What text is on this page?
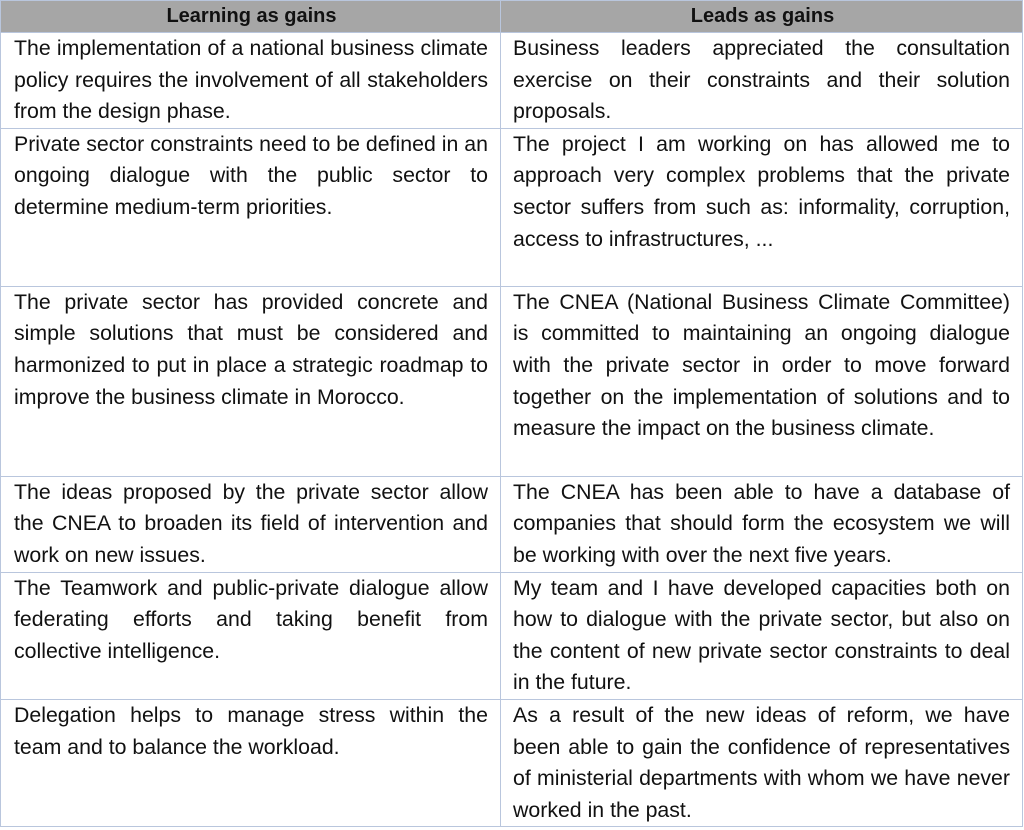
Learning as gains	Leads as gains
The implementation of a national business climate policy requires the involvement of all stakeholders from the design phase.	Business leaders appreciated the consultation exercise on their constraints and their solution proposals.
Private sector constraints need to be defined in an ongoing dialogue with the public sector to determine medium-term priorities.	The project I am working on has allowed me to approach very complex problems that the private sector suffers from such as: informality, corruption, access to infrastructures, ...
The private sector has provided concrete and simple solutions that must be considered and harmonized to put in place a strategic roadmap to improve the business climate in Morocco.	The CNEA (National Business Climate Committee) is committed to maintaining an ongoing dialogue with the private sector in order to move forward together on the implementation of solutions and to measure the impact on the business climate.
The ideas proposed by the private sector allow the CNEA to broaden its field of intervention and work on new issues.	The CNEA has been able to have a database of companies that should form the ecosystem we will be working with over the next five years.
The Teamwork and public-private dialogue allow federating efforts and taking benefit from collective intelligence.	My team and I have developed capacities both on how to dialogue with the private sector, but also on the content of new private sector constraints to deal in the future.
Delegation helps to manage stress within the team and to balance the workload.	As a result of the new ideas of reform, we have been able to gain the confidence of representatives of ministerial departments with whom we have never worked in the past.
